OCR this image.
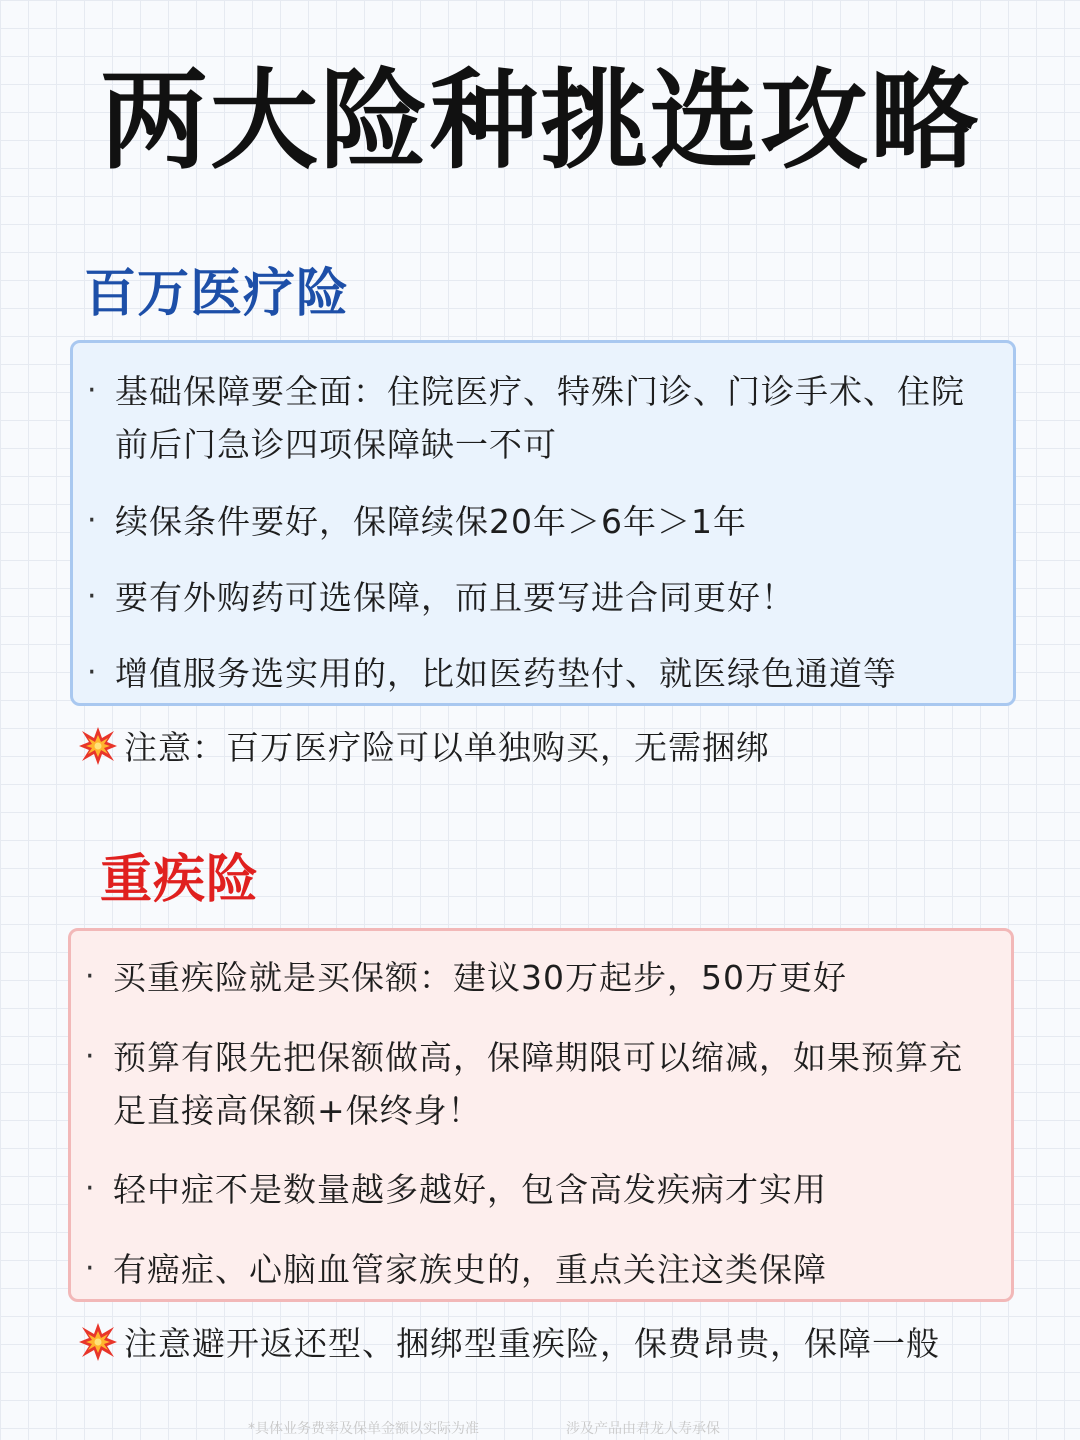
两大险种挑选攻略
百万医疗险
· 基础保障要全面：住院医疗、特殊门诊、门诊手术、住院前后门急诊四项保障缺一不可
· 续保条件要好，保障续保20年＞6年＞1年
· 要有外购药可选保障，而且要写进合同更好！
· 增值服务选实用的，比如医药垫付、就医绿色通道等
注意：百万医疗险可以单独购买，无需捆绑
重疾险
· 买重疾险就是买保额：建议30万起步，50万更好
· 预算有限先把保额做高，保障期限可以缩减，如果预算充足直接高保额+保终身！
· 轻中症不是数量越多越好，包含高发疾病才实用
· 有癌症、心脑血管家族史的，重点关注这类保障
注意避开返还型、捆绑型重疾险，保费昂贵，保障一般
*具体业务费率及保单金额以实际为准	涉及产品由君龙人寿承保
